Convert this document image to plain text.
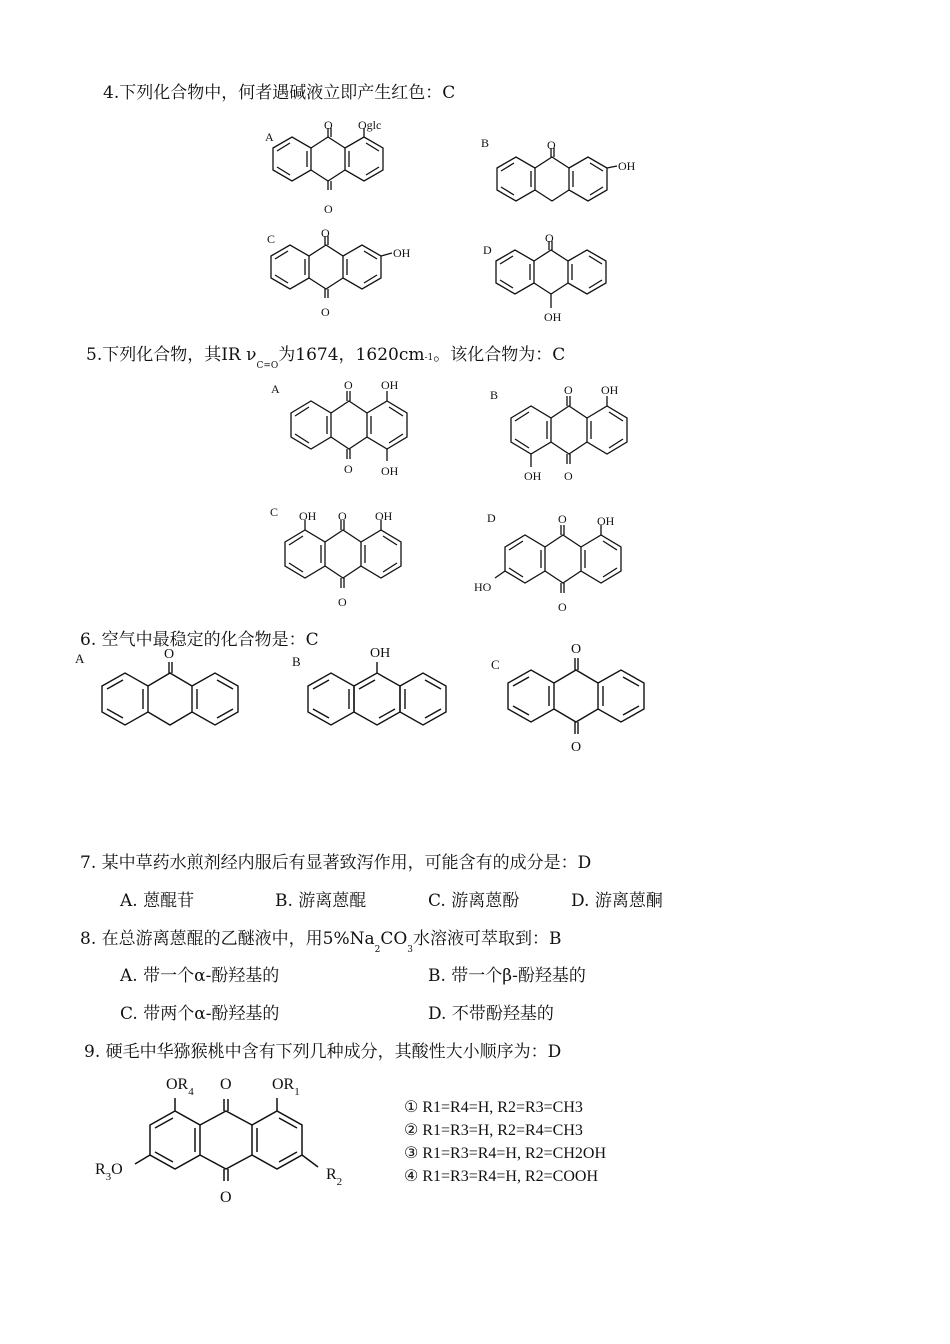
4.下列化合物中，何者遇碱液立即产生红色：C
A
O Oglc
O
B	O
OH
C	O
OH
O
D
O
OH
5.下列化合物，其IR $\nu_{C=O}$为1674，1620cm-1。该化合物为：C
A	O OH
O OH
B	O OH
OH O
C OH O OH
O
D	O	OH
HO
O
6. 空气中最稳定的化合物是：C
A	O	B
OH
C
O
O
7. 某中草药水煎剂经内服后有显著致泻作用，可能含有的成分是：D
A. 蒽醌苷	B. 游离蒽醌	C. 游离蒽酚	D. 游离蒽酮
8. 在总游离蒽醌的乙醚液中，用$5\%Na_2CO_3$水溶液可萃取到：B
A. 带一个α-酚羟基的	B. 带一个β-酚羟基的
C. 带两个α-酚羟基的	D. 不带酚羟基的
9. 硬毛中华猕猴桃中含有下列几种成分，其酸性大小顺序为：D
$OR_4$ O	$OR_1$
$R_3O$	$R_2$
O
① R1=R4=H, R2=R3=CH3
② R1=R3=H, R2=R4=CH3
③ R1=R3=R4=H, R2=CH2OH
④ R1=R3=R4=H, R2=COOH
